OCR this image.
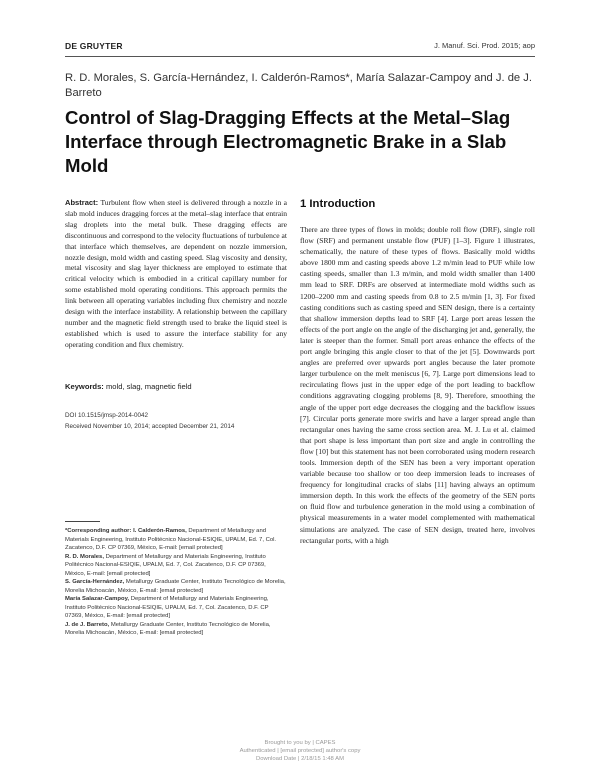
DE GRUYTER	J. Manuf. Sci. Prod. 2015; aop
R. D. Morales, S. García-Hernández, I. Calderón-Ramos*, María Salazar-Campoy and J. de J. Barreto
Control of Slag-Dragging Effects at the Metal–Slag Interface through Electromagnetic Brake in a Slab Mold
Abstract: Turbulent flow when steel is delivered through a nozzle in a slab mold induces dragging forces at the metal–slag interface that entrain slag droplets into the metal bulk. These dragging effects are discontinuous and correspond to the velocity fluctuations of turbulence at that interface which themselves, are dependent on nozzle immersion, nozzle design, mold width and casting speed. Slag viscosity and density, metal viscosity and slag layer thickness are employed to estimate that critical velocity which is embodied in a critical capillary number for some established mold operating conditions. This approach permits the link between all operating variables including flux chemistry and nozzle design with the interface instability. A relationship between the capillary number and the magnetic field strength used to brake the liquid steel is established which is used to assure the interface stability for any operating condition and flux chemistry.
Keywords: mold, slag, magnetic field
DOI 10.1515/jmsp-2014-0042
Received November 10, 2014; accepted December 21, 2014
*Corresponding author: I. Calderón-Ramos, Department of Metallurgy and Materials Engineering, Instituto Politécnico Nacional-ESIQIE, UPALM, Ed. 7, Col. Zacatenco, D.F. CP 07369, México, E-mail: [email protected]
R. D. Morales, Department of Metallurgy and Materials Engineering, Instituto Politécnico Nacional-ESIQIE, UPALM, Ed. 7, Col. Zacatenco, D.F. CP 07369, México, E-mail: [email protected]
S. García-Hernández, Metallurgy Graduate Center, Instituto Tecnológico de Morelia, Morelia Michoacán, México, E-mail: [email protected]
María Salazar-Campoy, Department of Metallurgy and Materials Engineering, Instituto Politécnico Nacional-ESIQIE, UPALM, Ed. 7, Col. Zacatenco, D.F. CP 07369, México, E-mail: [email protected]
J. de J. Barreto, Metallurgy Graduate Center, Instituto Tecnológico de Morelia, Morelia Michoacán, México, E-mail: [email protected]
1 Introduction
There are three types of flows in molds; double roll flow (DRF), single roll flow (SRF) and permanent unstable flow (PUF) [1–3]. Figure 1 illustrates, schematically, the nature of these types of flows. Basically mold widths above 1800 mm and casting speeds above 1.2 m/min lead to PUF while low casting speeds, smaller than 1.3 m/min, and mold width smaller than 1400 mm lead to SRF. DRFs are observed at intermediate mold widths such as 1200–2200 mm and casting speeds from 0.8 to 2.5 m/min [1, 3]. For fixed casting conditions such as casting speed and SEN design, there is a certainty that shallow immersion depths lead to SRF [4]. Large port areas lessen the effects of the port angle on the angle of the discharging jet and, generally, the later is steeper than the former. Small port areas enhance the effects of the port angle bringing this angle closer to that of the jet [5]. Downwards port angles are preferred over upwards port angles because the later promote larger turbulence on the melt meniscus [6, 7]. Large port dimensions lead to recirculating flows just in the upper edge of the port leading to backflow conditions aggravating clogging problems [8, 9]. Therefore, smoothing the angle of the upper port edge decreases the clogging and the backflow issues [7]. Circular ports generate more swirls and have a larger spread angle than rectangular ones having the same cross section area. M. J. Lu et al. claimed that port shape is less important than port size and angle in controlling the flow [10] but this statement has not been corroborated using modern research tools. Immersion depth of the SEN has been a very important operation variable because too shallow or too deep immersion leads to increases of frequency for longitudinal cracks of slabs [11] having always an optimum immersion depth. In this work the effects of the geometry of the SEN ports on fluid flow and turbulence generation in the mold using a combination of physical measurements in a water model complemented with mathematical simulations are analyzed. The case of SEN design, treated here, involves rectangular ports, with a high
Brought to you by | CAPES
Authenticated | [email protected] author's copy
Download Date | 2/18/15 1:48 AM
